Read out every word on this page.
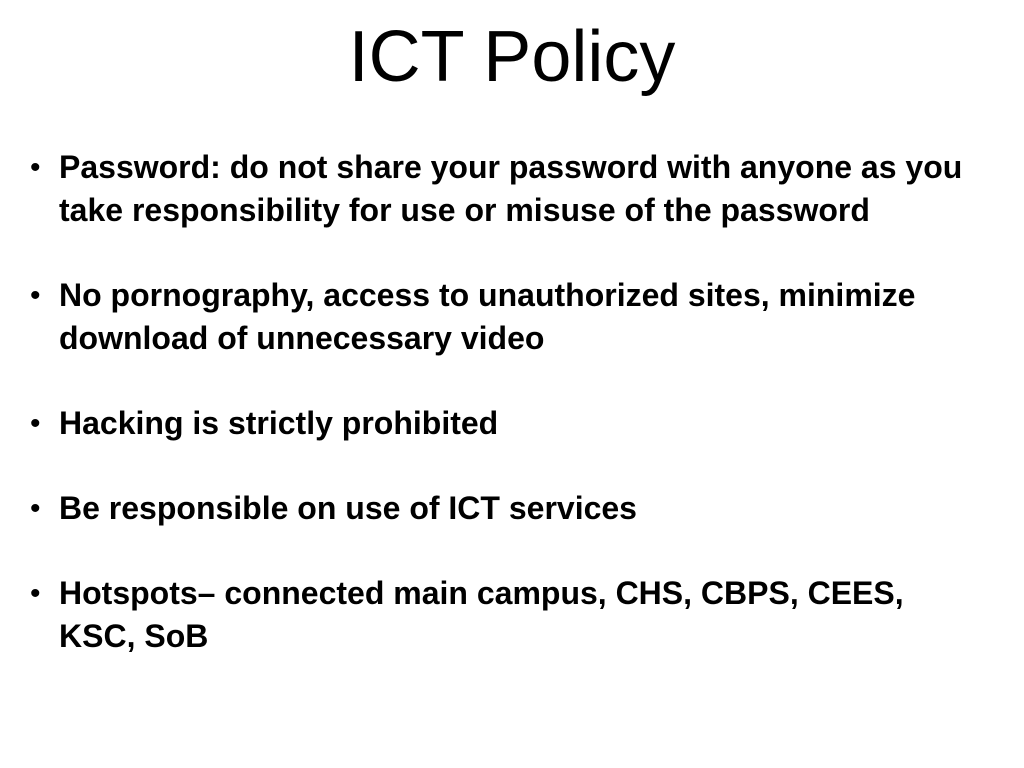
ICT Policy
• Password: do not share your password with anyone as you take responsibility for use or misuse of the password
• No pornography, access to unauthorized sites, minimize download of unnecessary video
• Hacking is strictly prohibited
• Be responsible on use of ICT services
• Hotspots– connected main campus, CHS, CBPS, CEES, KSC, SoB
